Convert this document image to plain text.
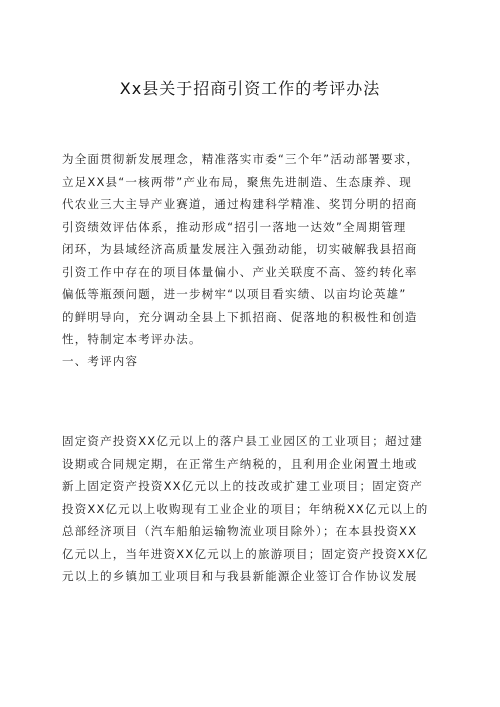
Xx县关于招商引资工作的考评办法
为全面贯彻新发展理念，精准落实市委“三个年”活动部署要求，
立足XX县“一核两带”产业布局，聚焦先进制造、生态康养、现
代农业三大主导产业赛道，通过构建科学精准、奖罚分明的招商
引资绩效评估体系，推动形成“招引一落地一达效”全周期管理
闭环，为县域经济高质量发展注入强劲动能，切实破解我县招商
引资工作中存在的项目体量偏小、产业关联度不高、签约转化率
偏低等瓶颈问题，进一步树牢“以项目看实绩、以亩均论英雄”
的鲜明导向，充分调动全县上下抓招商、促落地的积极性和创造
性，特制定本考评办法。
一、考评内容
固定资产投资XX亿元以上的落户县工业园区的工业项目；超过建
设期或合同规定期，在正常生产纳税的，且利用企业闲置土地或
新上固定资产投资XX亿元以上的技改或扩建工业项目；固定资产
投资XX亿元以上收购现有工业企业的项目；年纳税XX亿元以上的
总部经济项目（汽车船舶运输物流业项目除外）；在本县投资XX
亿元以上，当年进资XX亿元以上的旅游项目；固定资产投资XX亿
元以上的乡镇加工业项目和与我县新能源企业签订合作协议发展
